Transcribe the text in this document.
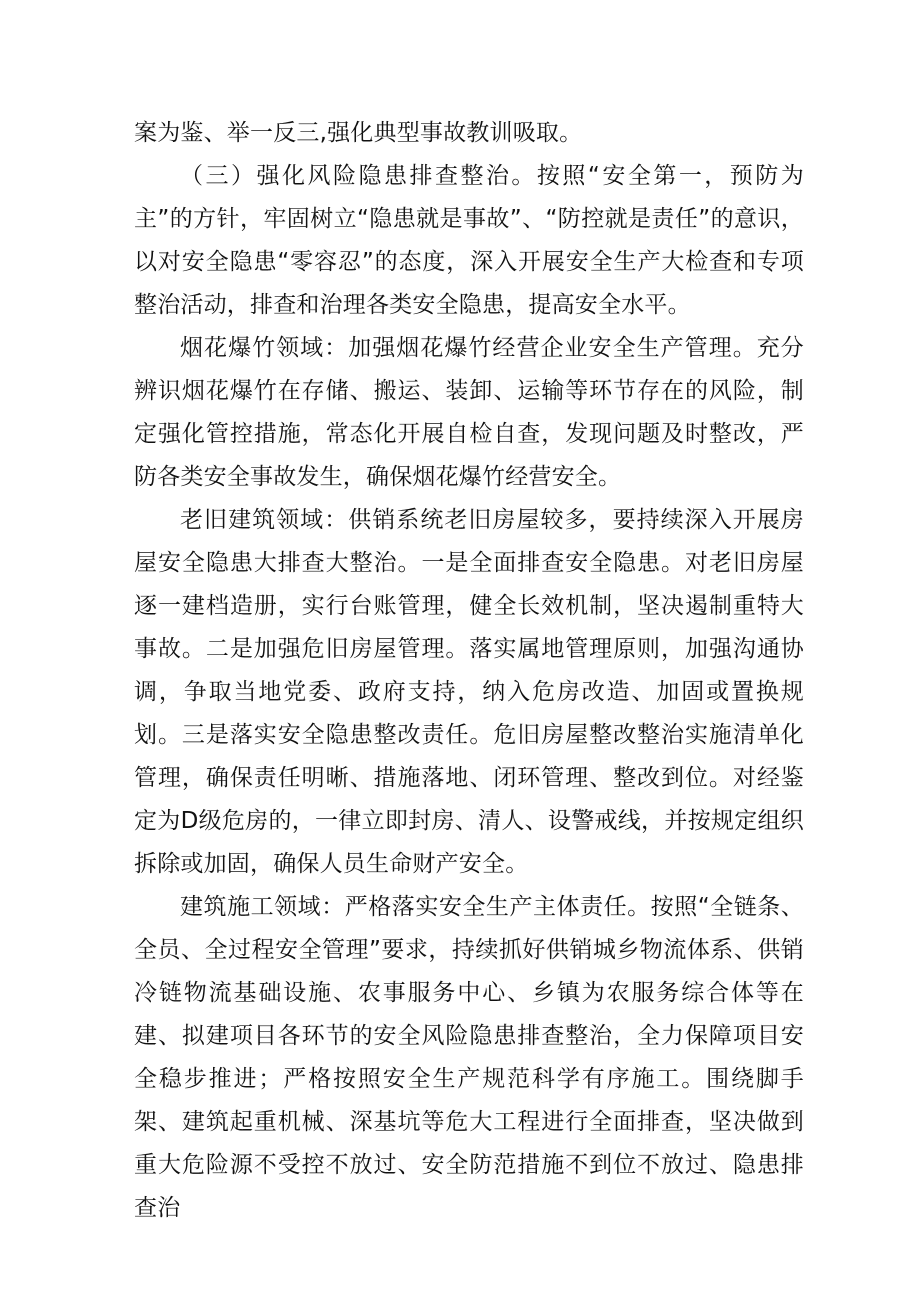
案为鉴、举一反三,强化典型事故教训吸取。

（三）强化风险隐患排查整治。按照“安全第一，预防为主”的方针，牢固树立“隐患就是事故”、“防控就是责任”的意识，以对安全隐患“零容忍”的态度，深入开展安全生产大检查和专项整治活动，排查和治理各类安全隐患，提高安全水平。

烟花爆竹领域：加强烟花爆竹经营企业安全生产管理。充分辨识烟花爆竹在存储、搬运、装卸、运输等环节存在的风险，制定强化管控措施，常态化开展自检自查，发现问题及时整改，严防各类安全事故发生，确保烟花爆竹经营安全。

老旧建筑领域：供销系统老旧房屋较多，要持续深入开展房屋安全隐患大排查大整治。一是全面排查安全隐患。对老旧房屋逐一建档造册，实行台账管理，健全长效机制，坚决遏制重特大事故。二是加强危旧房屋管理。落实属地管理原则，加强沟通协调，争取当地党委、政府支持，纳入危房改造、加固或置换规划。三是落实安全隐患整改责任。危旧房屋整改整治实施清单化管理，确保责任明晰、措施落地、闭环管理、整改到位。对经鉴定为D级危房的，一律立即封房、清人、设警戒线，并按规定组织拆除或加固，确保人员生命财产安全。

建筑施工领域：严格落实安全生产主体责任。按照“全链条、全员、全过程安全管理”要求，持续抓好供销城乡物流体系、供销冷链物流基础设施、农事服务中心、乡镇为农服务综合体等在建、拟建项目各环节的安全风险隐患排查整治，全力保障项目安全稳步推进；严格按照安全生产规范科学有序施工。围绕脚手架、建筑起重机械、深基坑等危大工程进行全面排查，坚决做到重大危险源不受控不放过、安全防范措施不到位不放过、隐患排查治
